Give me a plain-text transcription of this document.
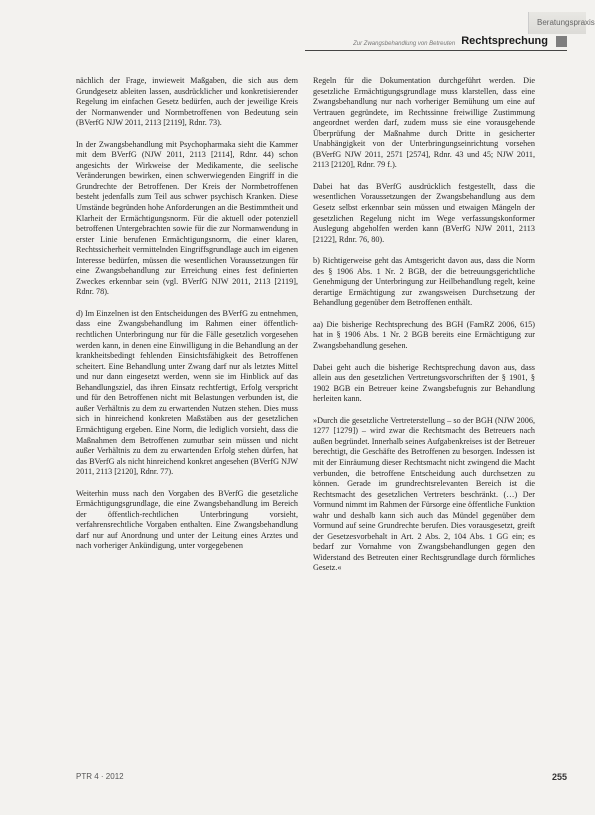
Beratungspraxis
Zur Zwangsbehandlung von Betreuten Rechtsprechung

nächlich der Frage, inwieweit Maßgaben, die sich aus dem Grundgesetz ableiten lassen, ausdrücklicher und konkretisierender Regelung im einfachen Gesetz bedürfen, auch der jeweilige Kreis der Normanwender und Normbetroffenen von Bedeutung sein (BVerfG NJW 2011, 2113 [2119], Rdnr. 73).

In der Zwangsbehandlung mit Psychopharmaka sieht die Kammer mit dem BVerfG (NJW 2011, 2113 [2114], Rdnr. 44) schon angesichts der Wirkweise der Medikamente, die seelische Veränderungen bewirken, einen schwerwiegenden Eingriff in die Grundrechte der Betroffenen. Der Kreis der Normbetroffenen besteht jedenfalls zum Teil aus schwer psychisch Kranken. Diese Umstände begründen hohe Anforderungen an die Bestimmtheit und Klarheit der Ermächtigungsnorm. Für die aktuell oder potenziell betroffenen Untergebrachten sowie für die zur Normanwendung in erster Linie berufenen Ermächtigungsnorm, die einer klaren, Rechtssicherheit vermittelnden Eingriffsgrundlage auch im eigenen Interesse bedürfen, müssen die wesentlichen Voraussetzungen für eine Zwangsbehandlung zur Erreichung eines fest definierten Zweckes erkennbar sein (vgl. BVerfG NJW 2011, 2113 [2119], Rdnr. 78).

d) Im Einzelnen ist den Entscheidungen des BVerfG zu entnehmen, dass eine Zwangsbehandlung im Rahmen einer öffentlich-rechtlichen Unterbringung nur für die Fälle gesetzlich vorgesehen werden kann, in denen eine Einwilligung in die Behandlung an der krankheitsbedingt fehlenden Einsichtsfähigkeit des Betroffenen scheitert. Eine Behandlung unter Zwang darf nur als letztes Mittel und nur dann eingesetzt werden, wenn sie im Hinblick auf das Behandlungsziel, das ihren Einsatz rechtfertigt, Erfolg verspricht und für den Betroffenen nicht mit Belastungen verbunden ist, die außer Verhältnis zu dem zu erwartenden Nutzen stehen. Dies muss sich in hinreichend konkreten Maßstäben aus der gesetzlichen Ermächtigung ergeben. Eine Norm, die lediglich vorsieht, dass die Maßnahmen dem Betroffenen zumutbar sein müssen und nicht außer Verhältnis zu dem zu erwartenden Erfolg stehen dürfen, hat das BVerfG als nicht hinreichend konkret angesehen (BVerfG NJW 2011, 2113 [2120], Rdnr. 77).

Weiterhin muss nach den Vorgaben des BVerfG die gesetzliche Ermächtigungsgrundlage, die eine Zwangsbehandlung im Bereich der öffentlich-rechtlichen Unterbringung vorsieht, verfahrensrechtliche Vorgaben enthalten. Eine Zwangsbehandlung darf nur auf Anordnung und unter der Leitung eines Arztes und nach vorheriger Ankündigung, unter vorgegebenen

Regeln für die Dokumentation durchgeführt werden. Die gesetzliche Ermächtigungsgrundlage muss klarstellen, dass eine Zwangsbehandlung nur nach vorheriger Bemühung um eine auf Vertrauen gegründete, im Rechtssinne freiwillige Zustimmung angeordnet werden darf, zudem muss sie eine vorausgehende Überprüfung der Maßnahme durch Dritte in gesicherter Unabhängigkeit von der Unterbringungseinrichtung vorsehen (BVerfG NJW 2011, 2571 [2574], Rdnr. 43 und 45; NJW 2011, 2113 [2120], Rdnr. 79 f.).

Dabei hat das BVerfG ausdrücklich festgestellt, dass die wesentlichen Voraussetzungen der Zwangsbehandlung aus dem Gesetz selbst erkennbar sein müssen und etwaigen Mängeln der gesetzlichen Regelung nicht im Wege verfassungskonformer Auslegung abgeholfen werden kann (BVerfG NJW 2011, 2113 [2122], Rdnr. 76, 80).

b) Richtigerweise geht das Amtsgericht davon aus, dass die Norm des § 1906 Abs. 1 Nr. 2 BGB, der die betreuungsgerichtliche Genehmigung der Unterbringung zur Heilbehandlung regelt, keine derartige Ermächtigung zur zwangsweisen Durchsetzung der Behandlung gegenüber dem Betroffenen enthält.

aa) Die bisherige Rechtsprechung des BGH (FamRZ 2006, 615) hat in § 1906 Abs. 1 Nr. 2 BGB bereits eine Ermächtigung zur Zwangsbehandlung gesehen.

Dabei geht auch die bisherige Rechtsprechung davon aus, dass allein aus den gesetzlichen Vertretungsvorschriften der § 1901, § 1902 BGB ein Betreuer keine Zwangsbefugnis zur Behandlung herleiten kann.

»Durch die gesetzliche Vertreterstellung – so der BGH (NJW 2006, 1277 [1279]) – wird zwar die Rechtsmacht des Betreuers nach außen begründet. Innerhalb seines Aufgabenkreises ist der Betreuer berechtigt, die Geschäfte des Betroffenen zu besorgen. Indessen ist mit der Einräumung dieser Rechtsmacht nicht zwingend die Macht verbunden, die betroffene Entscheidung auch durchsetzen zu können. Gerade im grundrechtsrelevanten Bereich ist die Rechtsmacht des gesetzlichen Vertreters beschränkt. (…) Der Vormund nimmt im Rahmen der Fürsorge eine öffentliche Funktion wahr und deshalb kann sich auch das Mündel gegenüber dem Vormund auf seine Grundrechte berufen. Dies vorausgesetzt, greift der Gesetzesvorbehalt in Art. 2 Abs. 2, 104 Abs. 1 GG ein; es bedarf zur Vornahme von Zwangsbehandlungen gegen den Widerstand des Betreuten einer Rechtsgrundlage durch förmliches Gesetz.«

PTR 4 · 2012	255
